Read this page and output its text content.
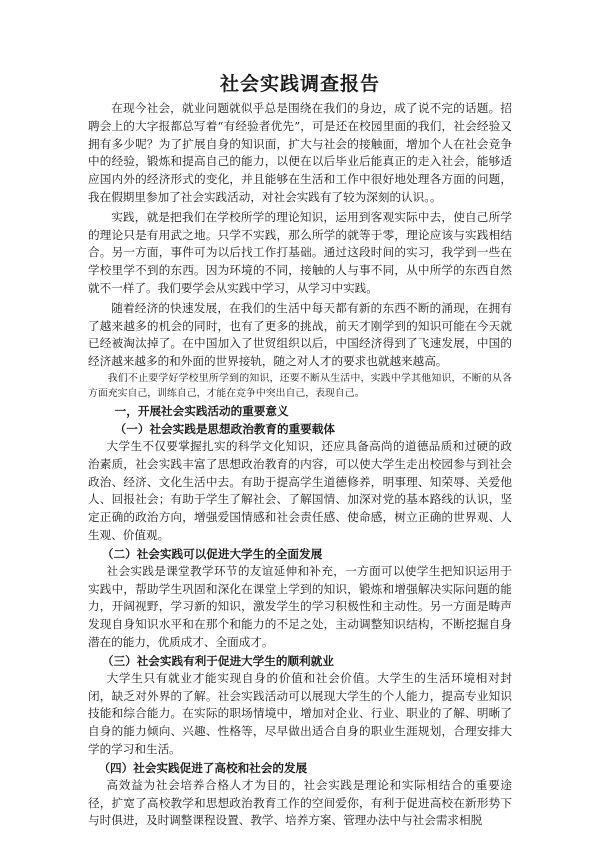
社会实践调查报告

在现今社会，就业问题就似乎总是围绕在我们的身边，成了说不完的话题。招聘会上的大字报都总写着“有经验者优先”，可是还在校园里面的我们，社会经验又拥有多少呢？为了扩展自身的知识面，扩大与社会的接触面，增加个人在社会竞争中的经验，锻炼和提高自己的能力，以便在以后毕业后能真正的走入社会，能够适应国内外的经济形式的变化，并且能够在生活和工作中很好地处理各方面的问题，我在假期里参加了社会实践活动，对社会实践有了较为深刻的认识。。

实践，就是把我们在学校所学的理论知识，运用到客观实际中去，使自己所学的理论只是有用武之地。只学不实践，那么所学的就等于零，理论应该与实践相结合。另一方面，事件可为以后找工作打基础。通过这段时间的实习，我学到一些在学校里学不到的东西。因为环境的不同，接触的人与事不同，从中所学的东西自然就不一样了。我们要学会从实践中学习，从学习中实践。

随着经济的快速发展，在我们的生活中每天都有新的东西不断的涌现，在拥有了越来越多的机会的同时，也有了更多的挑战，前天才刚学到的知识可能在今天就已经被淘汰掉了。在中国加入了世贸组织以后，中国经济得到了飞速发展，中国的经济越来越多的和外面的世界接轨，随之对人才的要求也就越来越高。

我们不止要学好学校里所学到的知识，还要不断从生活中，实践中学其他知识，不断的从各方面充实自己，训练自己，才能在竞争中突出自己，表现自己。

一，开展社会实践活动的重要意义
（一）社会实践是思想政治教育的重要载体

大学生不仅要掌握扎实的科学文化知识，还应具备高尚的道德品质和过硬的政治素质，社会实践丰富了思想政治教育的内容，可以使大学生走出校园参与到社会政治、经济、文化生活中去。有助于提高学生道德修养，明事理、知荣辱、关爱他人、回报社会；有助于学生了解社会、了解国情、加深对党的基本路线的认识，坚定正确的政治方向，增强爱国情感和社会责任感、使命感，树立正确的世界观、人生观、价值观。

（二）社会实践可以促进大学生的全面发展

社会实践是课堂教学环节的友谊延伸和补充，一方面可以使学生把知识运用于实践中，帮助学生巩固和深化在课堂上学到的知识，锻炼和增强解决实际问题的能力，开阔视野，学习新的知识，激发学生的学习积极性和主动性。另一方面是畴声发现自身知识水平和在那个和能力的不足之处，主动调整知识结构，不断挖掘自身潜在的能力，优质成才、全面成才。

（三）社会实践有利于促进大学生的顺利就业

大学生只有就业才能实现自身的价值和社会价值。大学生的生活环境相对封闭，缺乏对外界的了解。社会实践活动可以展现大学生的个人能力，提高专业知识技能和综合能力。在实际的职场情境中，增加对企业、行业、职业的了解、明晰了自身的能力倾向、兴趣、性格等，尽早做出适合自身的职业生涯规划，合理安排大学的学习和生活。

（四）社会实践促进了高校和社会的发展

高效益为社会培养合格人才为目的，社会实践是理论和实际相结合的重要途径，扩宽了高校教学和思想政治教育工作的空间爱你，有利于促进高校在新形势下与时俱进，及时调整课程设置、教学、培养方案、管理办法中与社会需求相脱
